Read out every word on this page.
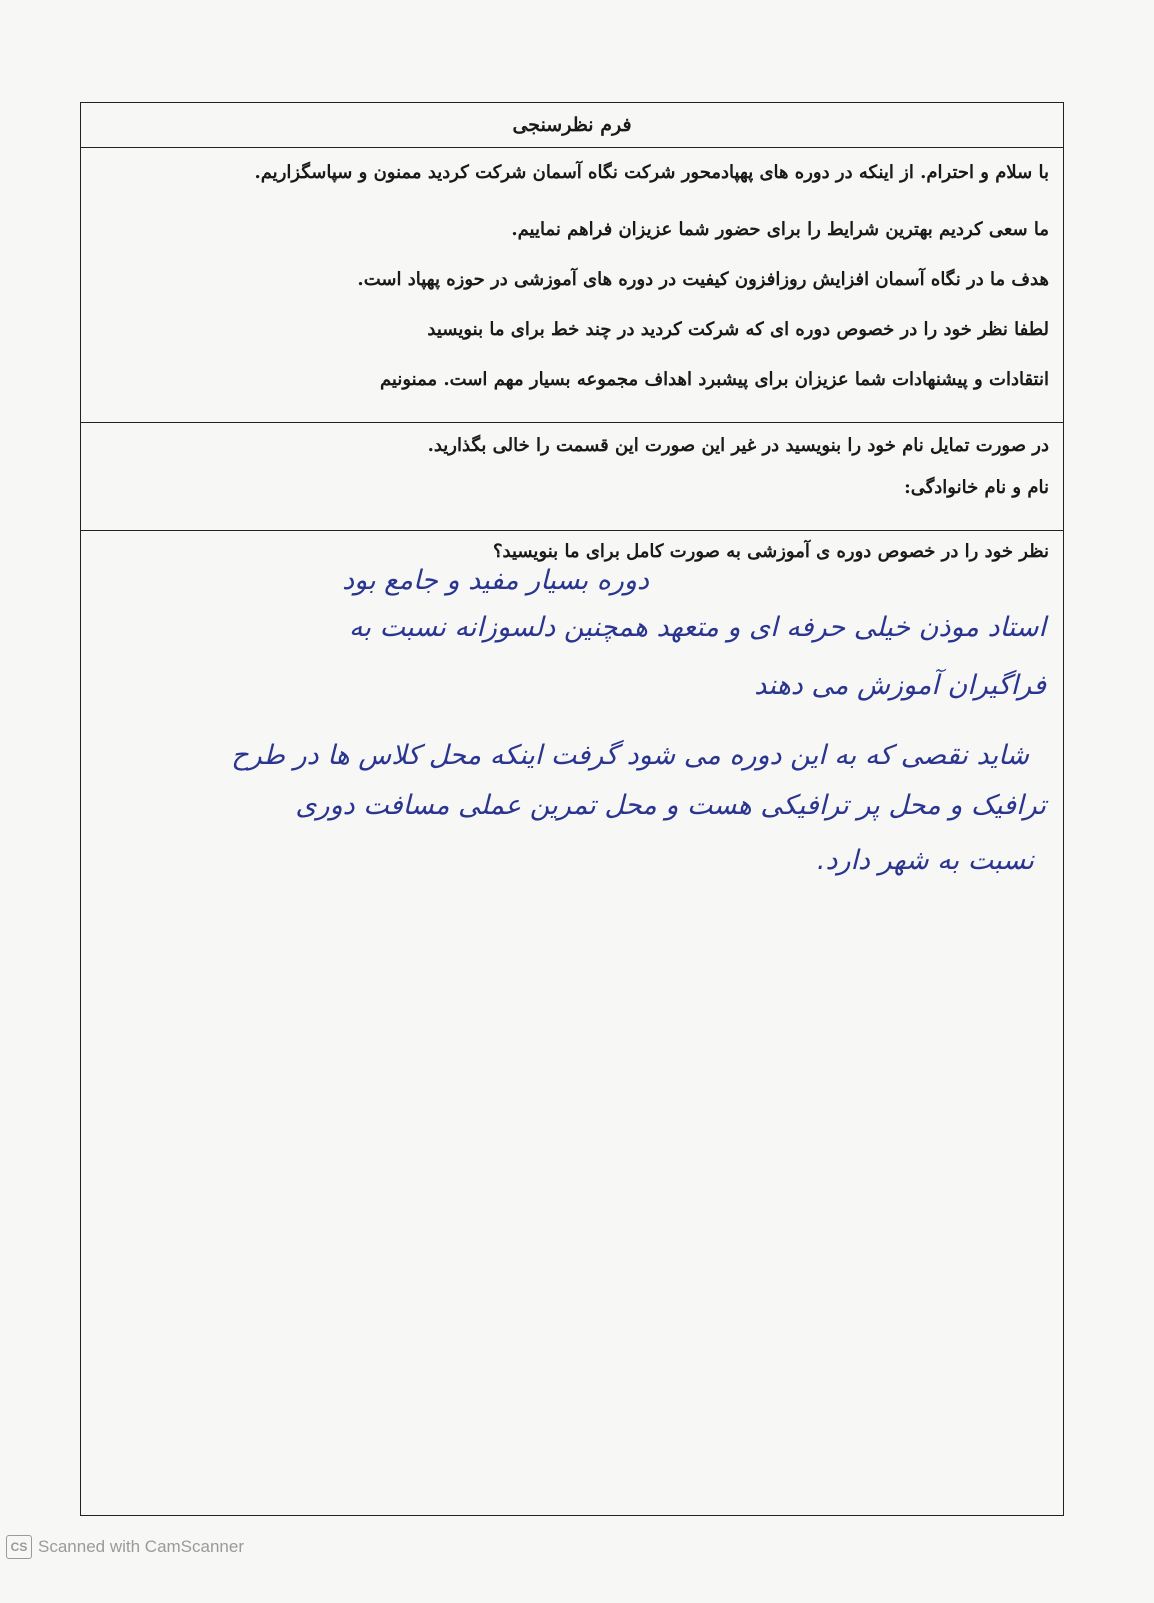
فرم نظرسنجی

با سلام و احترام. از اینکه در دوره های پهپادمحور شرکت نگاه آسمان شرکت کردید ممنون و سپاسگزاریم.

ما سعی کردیم بهترین شرایط را برای حضور شما عزیزان فراهم نماییم.

هدف ما در نگاه آسمان افزایش روزافزون کیفیت در دوره های آموزشی در حوزه پهپاد است.

لطفا نظر خود را در خصوص دوره ای که شرکت کردید در چند خط برای ما بنویسید

انتقادات و پیشنهادات شما عزیزان برای پیشبرد اهداف مجموعه بسیار مهم است. ممنونیم

در صورت تمایل نام خود را بنویسید در غیر این صورت این قسمت را خالی بگذارید.

نام و نام خانوادگی:

نظر خود را در خصوص دوره ی آموزشی به صورت کامل برای ما بنویسید؟

دوره بسیار مفید و جامع بود
استاد موذن خیلی حرفه ای و متعهد همچنین دلسوزانه نسبت به
فراگیران آموزش می دهند
شاید نقصی که به این دوره می شود گرفت اینکه محل کلاس ها در طرح
ترافیک و محل پر ترافیکی هست و محل تمرین عملی مسافت دوری
نسبت به شهر دارد.
CS Scanned with CamScanner
